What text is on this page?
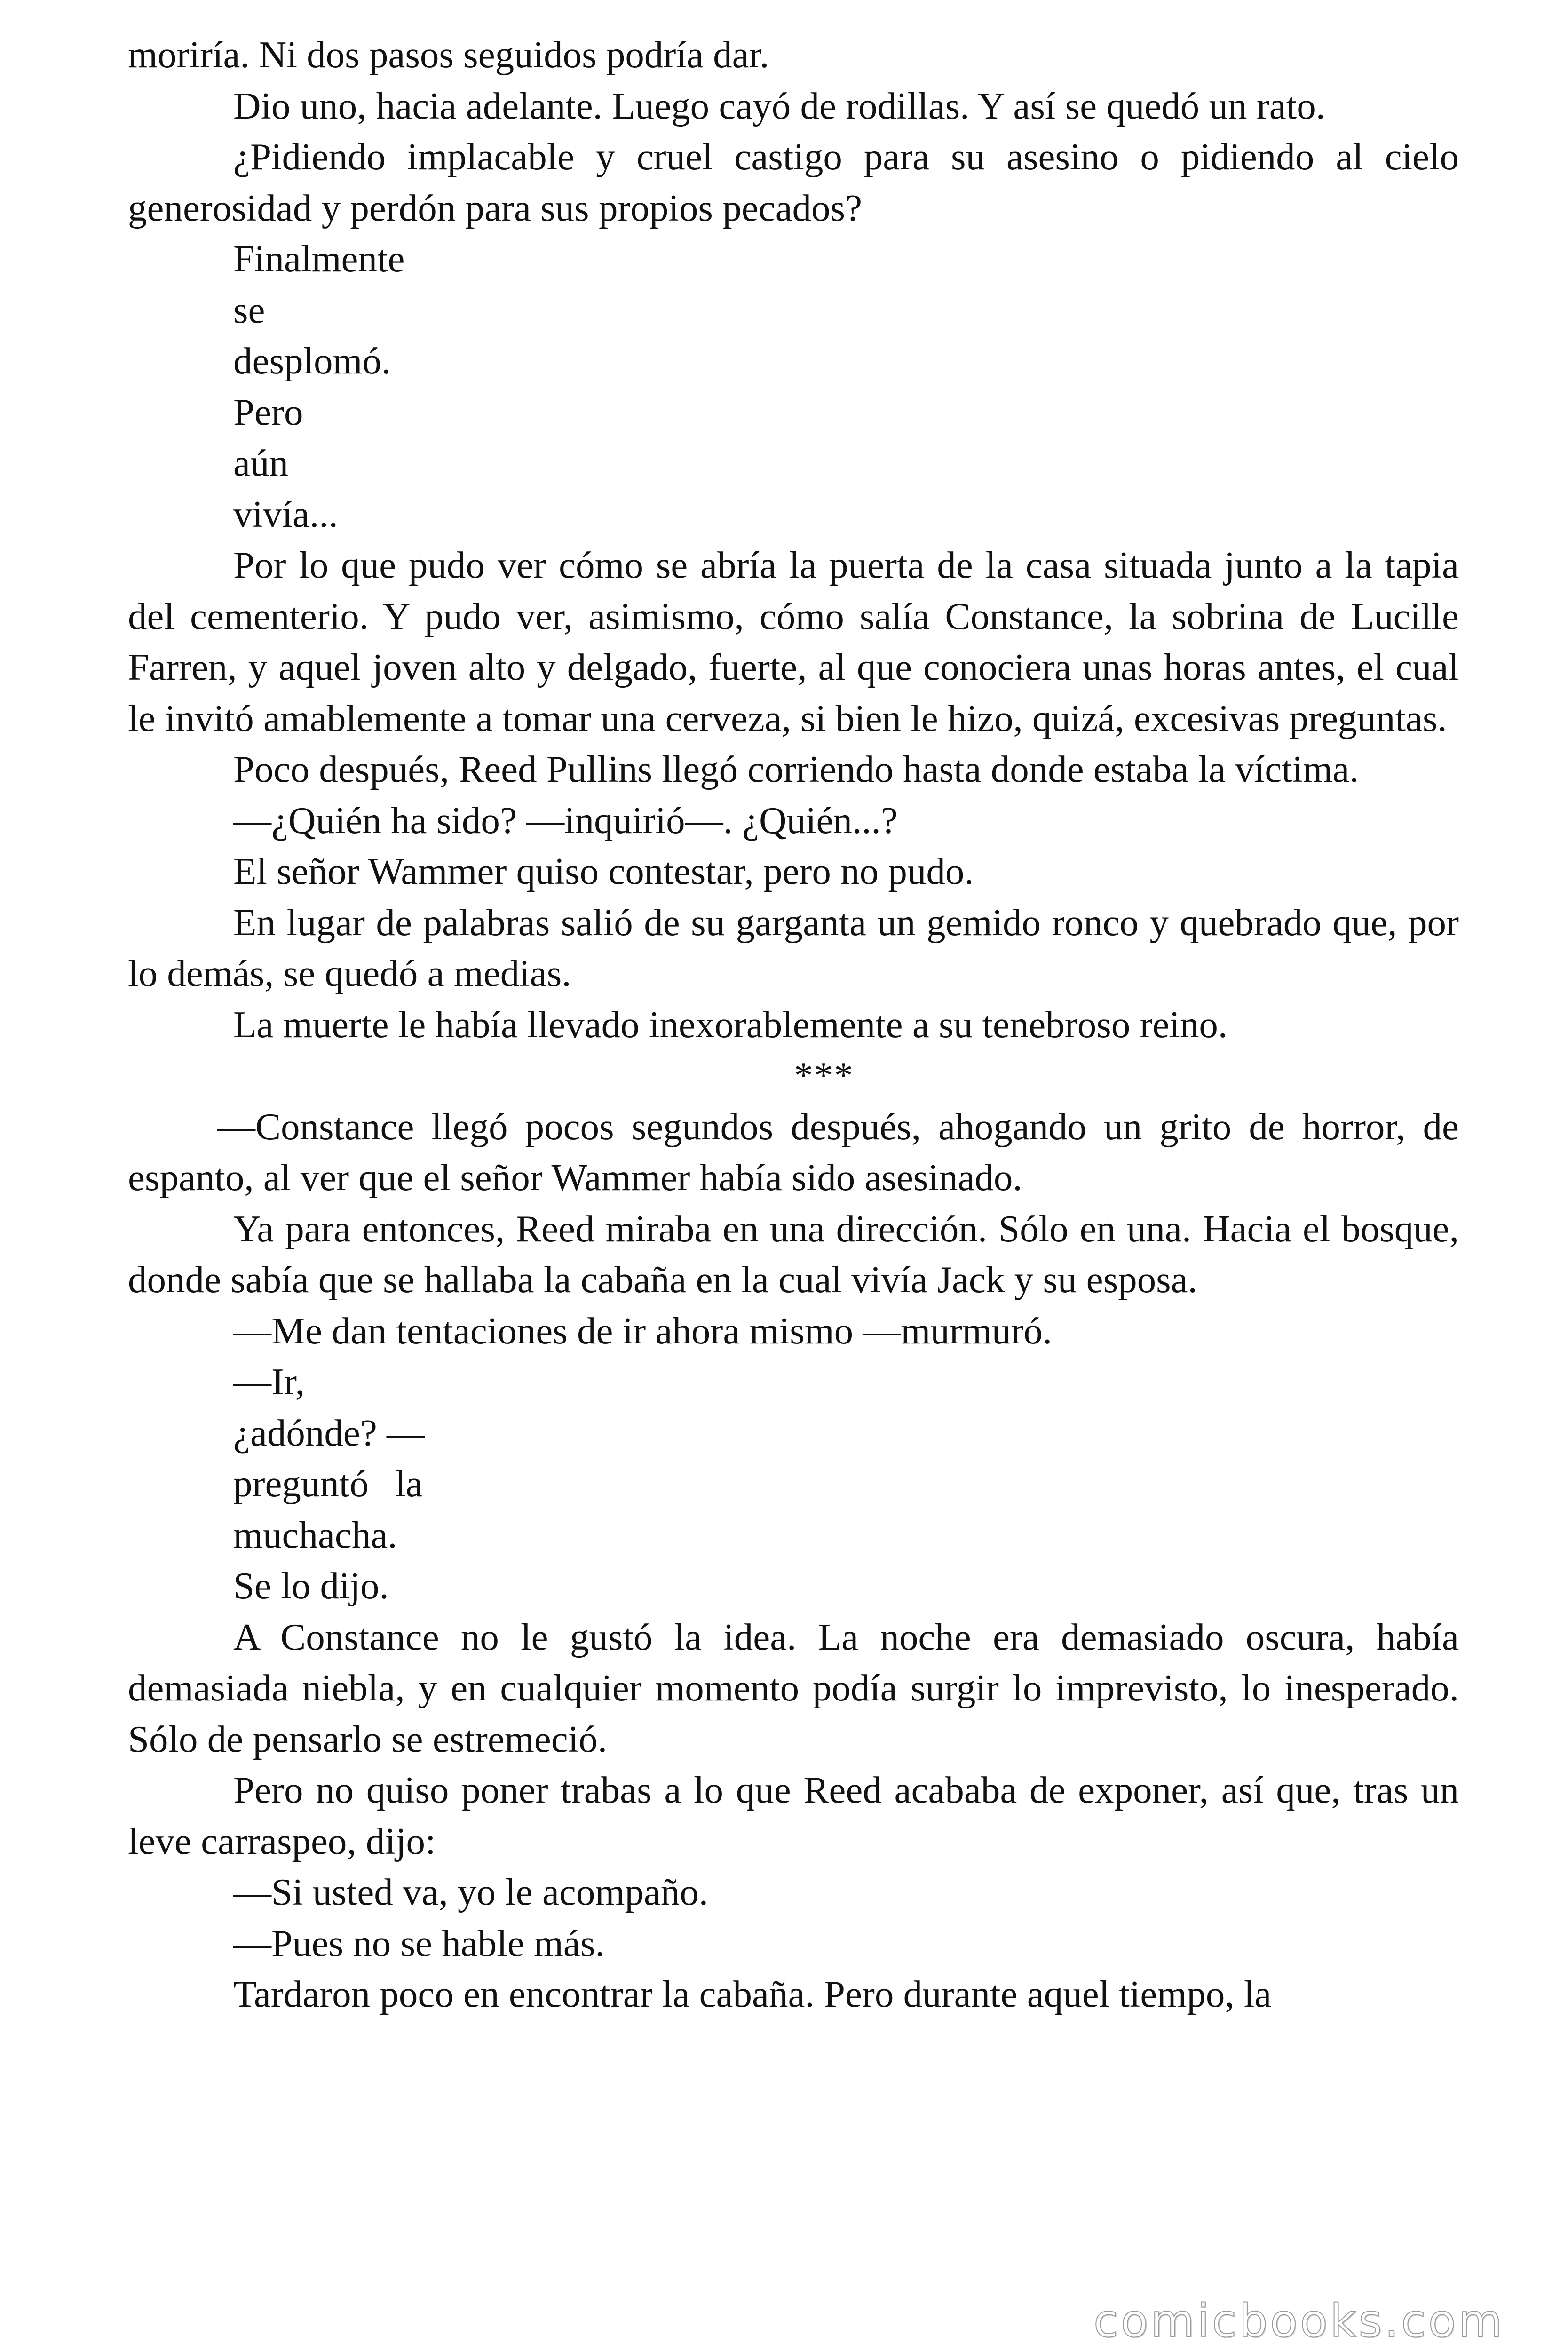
moriría. Ni dos pasos seguidos podría dar.

Dio uno, hacia adelante. Luego cayó de rodillas. Y así se quedó un rato.

¿Pidiendo implacable y cruel castigo para su asesino o pidiendo al cielo generosidad y perdón para sus propios pecados?

Finalmente

se

desplomó.

Pero

aún

vivía...

Por lo que pudo ver cómo se abría la puerta de la casa situada junto a la tapia del cementerio. Y pudo ver, asimismo, cómo salía Constance, la sobrina de Lucille Farren, y aquel joven alto y delgado, fuerte, al que conociera unas horas antes, el cual le invitó amablemente a tomar una cerveza, si bien le hizo, quizá, excesivas preguntas.

Poco después, Reed Pullins llegó corriendo hasta donde estaba la víctima.

—¿Quién ha sido? —inquirió—. ¿Quién...?

El señor Wammer quiso contestar, pero no pudo.

En lugar de palabras salió de su garganta un gemido ronco y quebrado que, por lo demás, se quedó a medias.

La muerte le había llevado inexorablemente a su tenebroso reino.

***

—Constance llegó pocos segundos después, ahogando un grito de horror, de espanto, al ver que el señor Wammer había sido asesinado.

Ya para entonces, Reed miraba en una dirección. Sólo en una. Hacia el bosque, donde sabía que se hallaba la cabaña en la cual vivía Jack y su esposa.

—Me dan tentaciones de ir ahora mismo —murmuró.

—Ir,

¿adónde? —

preguntó la

muchacha.

Se lo dijo.

A Constance no le gustó la idea. La noche era demasiado oscura, había demasiada niebla, y en cualquier momento podía surgir lo imprevisto, lo inesperado. Sólo de pensarlo se estremeció.

Pero no quiso poner trabas a lo que Reed acababa de exponer, así que, tras un leve carraspeo, dijo:

—Si usted va, yo le acompaño.

—Pues no se hable más.

Tardaron poco en encontrar la cabaña. Pero durante aquel tiempo, la

comicbooks.com
